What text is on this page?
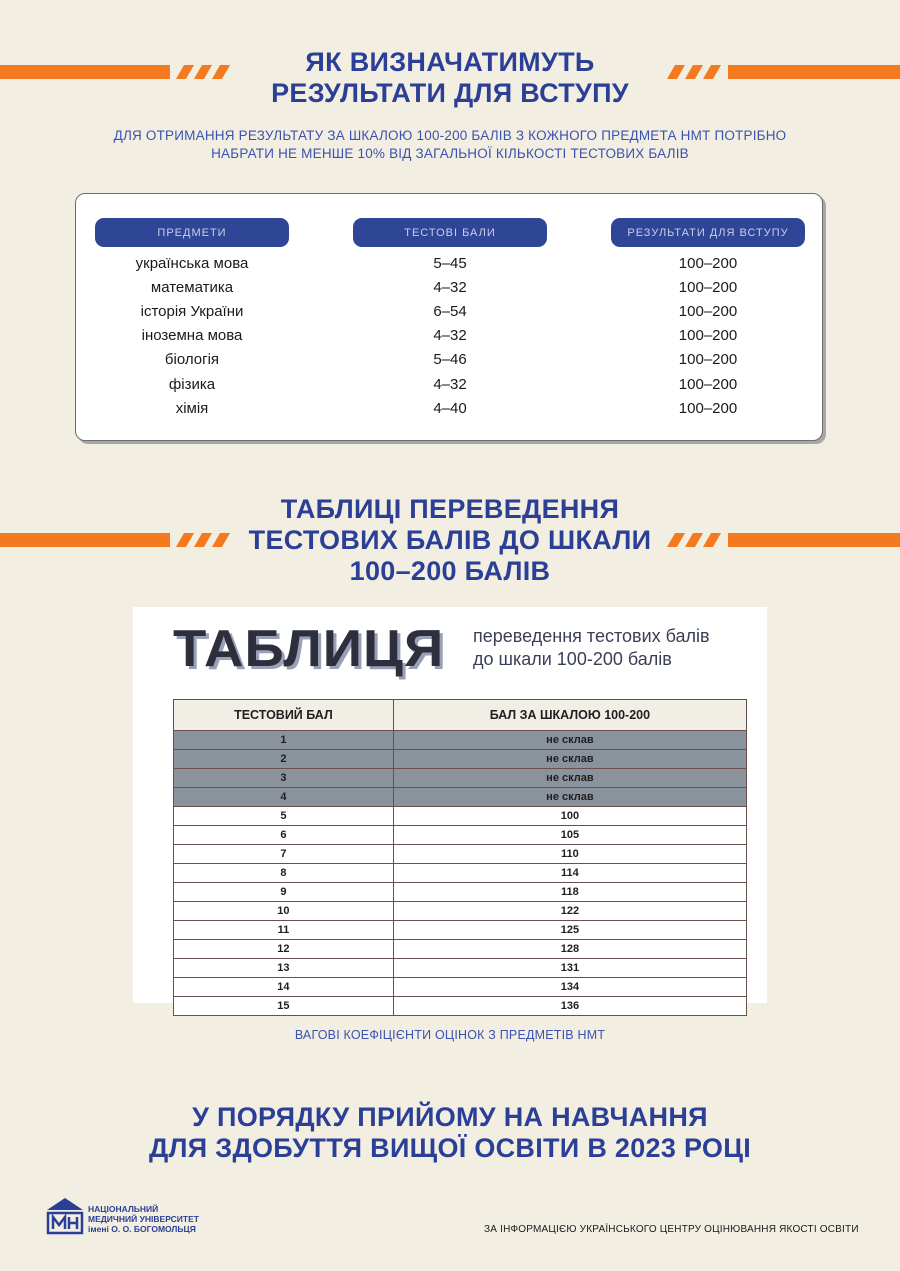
ЯК ВИЗНАЧАТИМУТЬ
РЕЗУЛЬТАТИ ДЛЯ ВСТУПУ
ДЛЯ ОТРИМАННЯ РЕЗУЛЬТАТУ ЗА ШКАЛОЮ 100-200 БАЛІВ З КОЖНОГО ПРЕДМЕТА НМТ ПОТРІБНО
НАБРАТИ НЕ МЕНШЕ 10% ВІД ЗАГАЛЬНОЇ КІЛЬКОСТІ ТЕСТОВИХ БАЛІВ
ПРЕДМЕТИ	ТЕСТОВІ БАЛИ	РЕЗУЛЬТАТИ ДЛЯ ВСТУПУ
українська мова	5–45	100–200
математика	4–32	100–200
історія України	6–54	100–200
іноземна мова	4–32	100–200
біологія	5–46	100–200
фізика	4–32	100–200
хімія	4–40	100–200
ТАБЛИЦІ ПЕРЕВЕДЕННЯ
ТЕСТОВИХ БАЛІВ ДО ШКАЛИ
100–200 БАЛІВ
ТАБЛИЦЯ переведення тестових балів
до шкали 100-200 балів
ТЕСТОВИЙ БАЛ	БАЛ ЗА ШКАЛОЮ 100-200
1	не склав
2	не склав
3	не склав
4	не склав
5	100
6	105
7	110
8	114
9	118
10	122
11	125
12	128
13	131
14	134
15	136
ВАГОВІ КОЕФІЦІЄНТИ ОЦІНОК З ПРЕДМЕТІВ НМТ
У ПОРЯДКУ ПРИЙОМУ НА НАВЧАННЯ
ДЛЯ ЗДОБУТТЯ ВИЩОЇ ОСВІТИ В 2023 РОЦІ
НАЦІОНАЛЬНИЙ
МЕДИЧНИЙ УНІВЕРСИТЕТ
імені О. О. БОГОМОЛЬЦЯ	ЗА ІНФОРМАЦІЄЮ УКРАЇНСЬКОГО ЦЕНТРУ ОЦІНЮВАННЯ ЯКОСТІ ОСВІТИ
